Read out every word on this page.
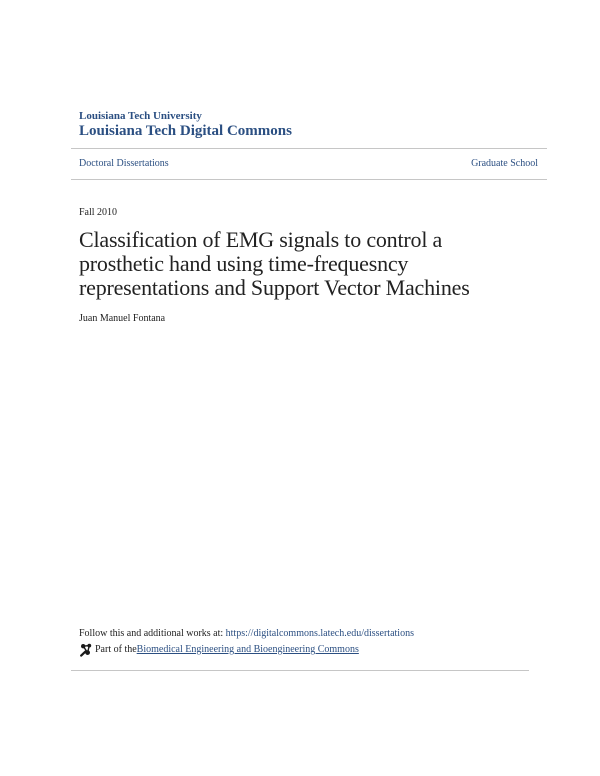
Louisiana Tech University
Louisiana Tech Digital Commons
Doctoral Dissertations	Graduate School
Fall 2010
Classification of EMG signals to control a
prosthetic hand using time-frequesncy
representations and Support Vector Machines
Juan Manuel Fontana
Follow this and additional works at: https://digitalcommons.latech.edu/dissertations
Part of the Biomedical Engineering and Bioengineering Commons
